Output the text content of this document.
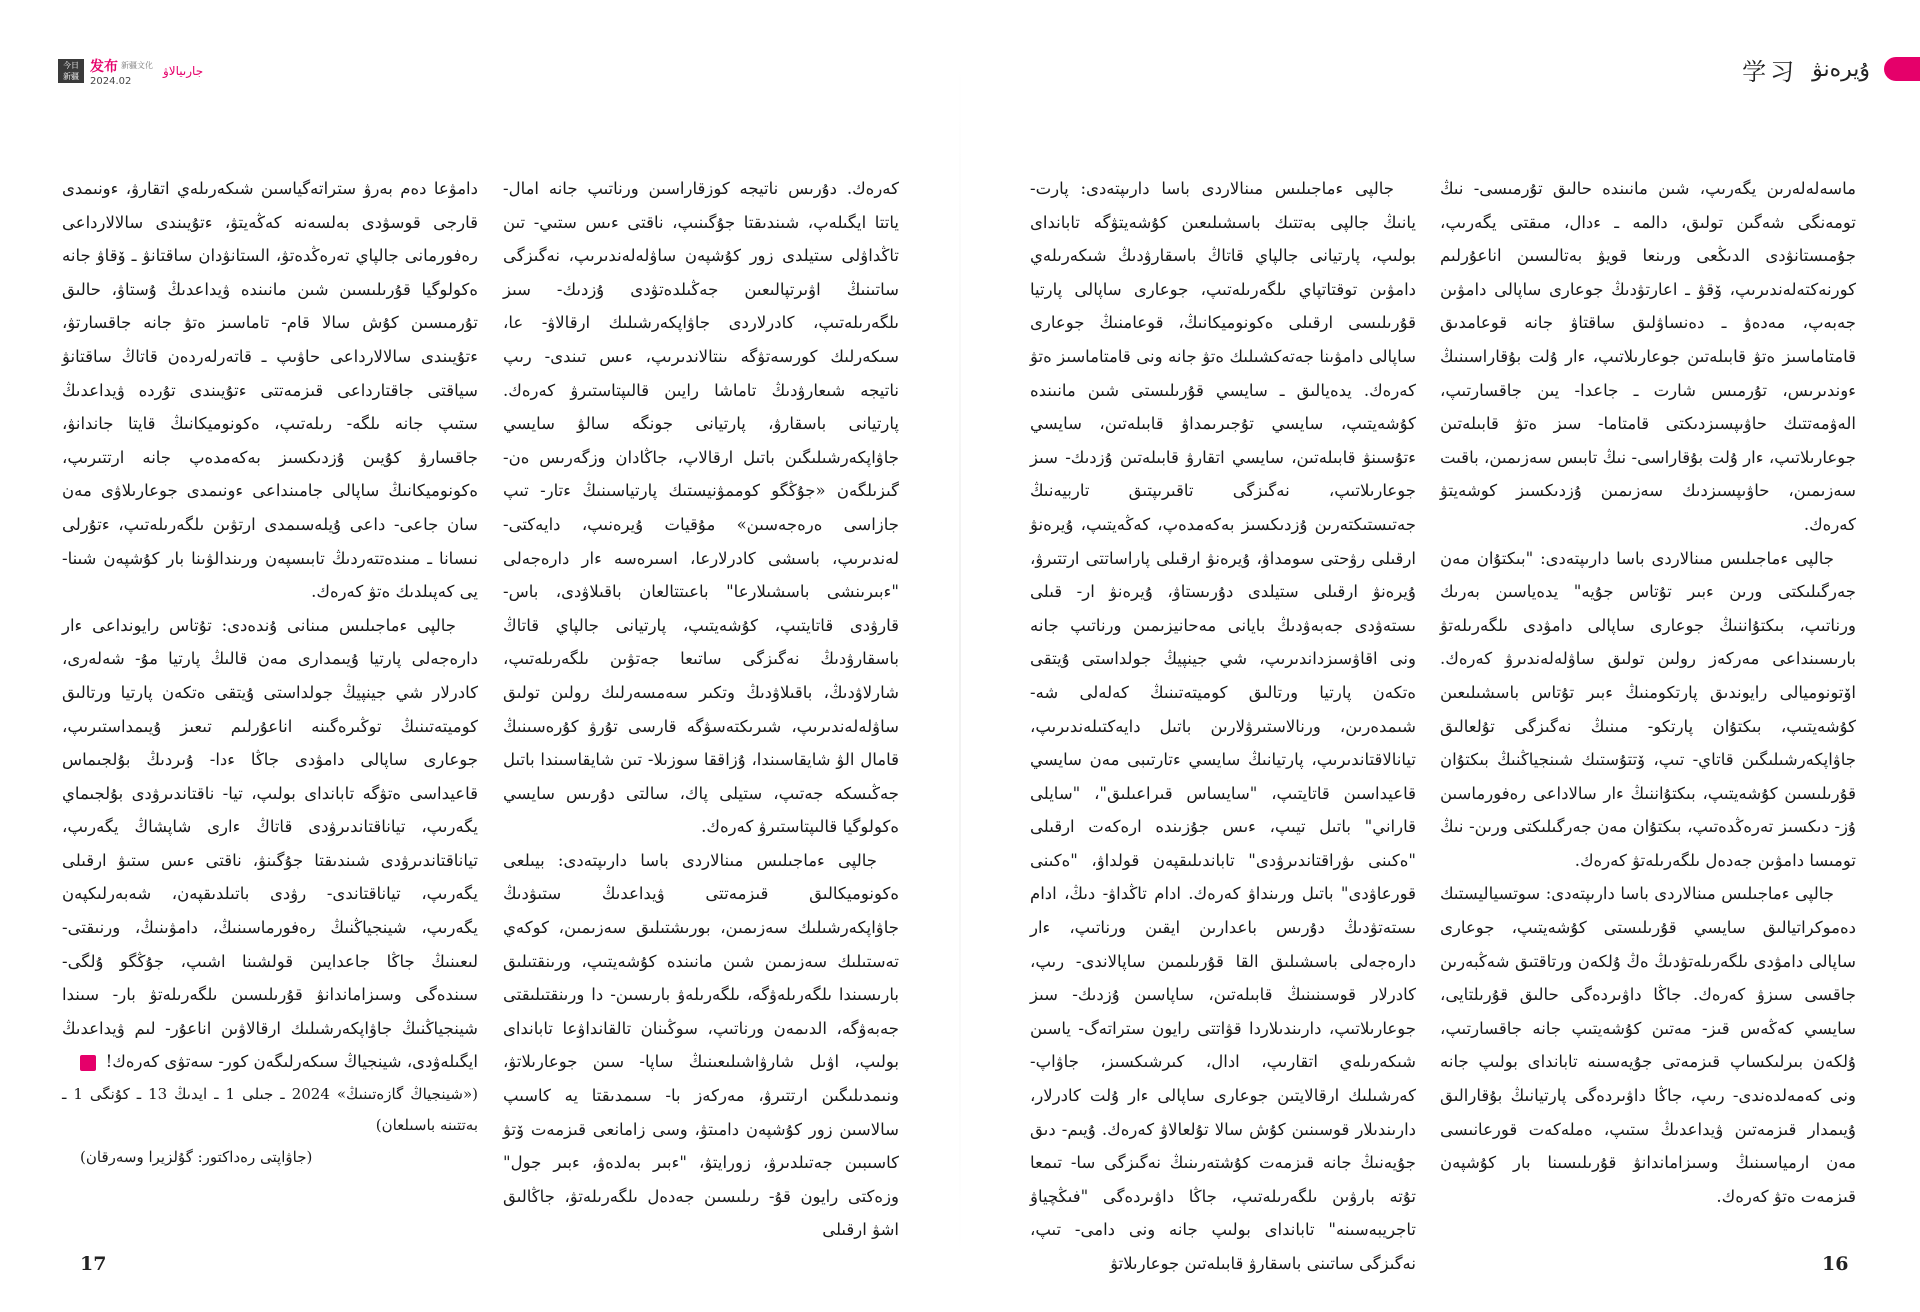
今日
新疆
发布 新疆文化
2024.02
جارىيالاۋ	学习 ۇيرەنۋ

ماسەلەلەرىن يگەرىپ، شىن مانىندە حالىق تۇرمىسى- نىڭ تومەنگى شەگىن تولىق، دالمە ـ ءدال، مىقتى يگەرىپ، جۇمىستانۋدى الدىڭعى ورىنعا قويۋ بەتالىسىن اناعۇرلىم كورنەكتەلەندىرىپ، ۆقۋ ـ اعارتۋدىڭ جوعارى ساپالى دامۋىن جەبەپ، مەدەۋ ـ دەنساۋلىق ساقتاۋ جانە قوعامدىق قامتاماسىز ەتۋ قابىلەتىن جوعارىلاتىپ، ءار ۇلت بۇقاراسىنىڭ ءوندىرىس، تۇرمىس شارت ـ جاعدا- يىن جاقسارتىپ، الەۋمەتتىك حاۋىپسىزدىكتى قامتاما- سىز ەتۋ قابىلەتىن جوعارىلاتىپ، ءار ۇلت بۇقاراسى- نىڭ تابىس سەزىمىن، باقىت سەزىمىن، حاۋىپسىزدىك سەزىمىن ۇزدىكسىز كوشەيتۋ كەرەك.

جالپى ءماجىلىس مىنالاردى باسا دارىپتەدى: "بىكتۇان مەن جەرگىلىكتى ورىن ءبىر تۇتاس جۇيە" يدەياسىن بەرىك ورناتىپ، بىكتۇاننىڭ جوعارى ساپالى دامۋدى ىلگەرىلەتۋ بارىسىنداعى مەركەز رولىن تولىق ساۋلەلەندىرۋ كەرەك. اۆتونوميالى رايوندىق پارتكومنىڭ ءبىر تۇتاس باسشىلىعىن كۇشەيتىپ، بىكتۇان پارتكو- مىنىڭ نەگىزگى تۇلعالىق جاۋاپكەرشىلىگىن قاتاي- تىپ، ۆتتۇستىك شىنجياڭنىڭ بىكتۇان قۇرىلىسىن كۇشەيتىپ، بىكتۇاننىڭ ءار سالاداعى رەفورماسىن ۇز- دىكسىز تەرەڭدەتىپ، بىكتۇان مەن جەرگىلىكتى ورىن- نىڭ تومىسا دامۋىن جەدەل ىلگەرىلەتۋ كەرەك.

جالپى ءماجىلىس مىنالاردى باسا دارىپتەدى: سوتسياليستىك دەموكراتيالىق سايسي قۇرىلىستى كۇشەيتىپ، جوعارى ساپالى دامۋدى ىلگەرىلەتۋدىڭ ەڭ ۇلكەن ورتاقتىق شەڭبەرىن جاقسى سىزۋ كەرەك. جاڭا داۋىردەگى حالىق قۇرىلتايى، سايسي كەڭەس قىز- مەتىن كۇشەيتىپ جانە جاقسارتىپ، ۇلكەن بىرلىكساپ قىزمەتى جۇيەسىنە تابانداى بولىپ جانە ونى كەمەلدەندى- رىپ، جاڭا داۋىردەگى پارتيانىڭ بۇقارالىق ۇيىمدار قىزمەتىن ۋيداعدىڭ ستىپ، ەملەكەت قورعانىسى مەن ارمياسىنىڭ وسىزاماندانۋ قۇرىلىسىنا بار كۇشپەن قىزمەت ەتۋ كەرەك.

جالپى ءماجىلىس مىنالاردى باسا دارىپتەدى: پارت- يانىڭ جالپى بەتتىك باسشىلىعىن كۇشەيتۋگە تابانداى بولىپ، پارتيانى جالپاي قاتاڭ باسقارۋدىڭ شىكەرىلەي دامۋىن توقتاتپاي ىلگەرىلەتىپ، جوعارى ساپالى پارتيا قۇرىلىسى ارقىلى ەكونوميكانىڭ، قوعامنىڭ جوعارى ساپالى دامۋىنا جەتەكشىلىك ەتۋ جانە ونى قامتاماسىز ەتۋ كەرەك. يدەيالىق ـ سايسي قۇرىلىستى شىن مانىندە كۇشەيتىپ، سايسي تۇجىرىمداۋ قابىلەتىن، سايسي ءتۇسىنۋ قابىلەتىن، سايسي اتقارۋ قابىلەتىن ۇزدىك- سىز جوعارىلاتىپ، نەگىزگى تاقىرىپتىق تاربيەنىڭ جەتىستىكتەرىن ۇزدىكسىز بەكەمدەپ، كەڭەيتىپ، ۇيرەنۋ ارقىلى رۋحتى سومداۋ، ۇيرەنۋ ارقىلى پاراساتتى ارتتىرۋ، ۇيرەنۋ ارقىلى ستيلدى دۇرىستاۋ، ۇيرەنۋ ار- قىلى ىستەۋدى جەبەۋدىڭ بايانى مەحانيزىمىن ورناتىپ جانە ونى اقاۋسىزداندىرىپ، شي جينپيڭ جولداستى ۇيتقى ەتكەن پارتيا ورتالىق كوميتەتىنىڭ كەلەلى شە- شىمدەرىن، ورنالاستىرۋلارىن باتىل دايەكتىلەندىرىپ، تيانالاقتاندىرىپ، پارتيانىڭ سايسي ءتارتىبى مەن سايسي قاعيداسىن قاتايتىپ، "سايساس قىراعىلىق"، "سايلى قاراني" باتىل تيىپ، ءىس جۇزىندە ارەكەت ارقىلى "ەكىنى ىۋراقتاندىرۋدى" تاباندىلىقپەن قولداۋ، "ەكىنى قورعاۋدى" باتىل ورىنداۋ كەرەك. ادام تاڭداۋ- دىڭ، ادام ىستەتۋدىڭ دۇرىس باعدارىن ايقىن ورناتىپ، ءار دارەجەلى باسشىلىق القا قۇرىلىمىن ساپالاندى- رىپ، كادرلار قوسىنىنىڭ قابىلەتىن، ساپاسىن ۇزدىك- سىز جوعارىلاتىپ، دارىندىلاردا قۋاتتى رايون ستراتەگ- ياسىن شىكەرىلەي اتقارىپ، ادال، كىرشىكسىز، جاۋاپ- كەرشىلىك ارقالايتىن جوعارى ساپالى ءار ۇلت كادرلار، دارىندىلار قوسىنىن كۇش سالا تۇلعالاۋ كەرەك. ۇيىم- دىق جۇيەنىڭ جانە قىزمەت كۇشتەرىنىڭ نەگىزگى سا- تىمعا تۇتە بارۋىن ىلگەرىلەتىپ، جاڭا داۋىردەگى "فىڭچياۋ تاجريبەسىنە" تابانداى بولىپ جانە ونى دامى- تىپ، نەگىزگى ساتىنى باسقارۋ قابىلەتىن جوعارىلاتۋ

كەرەك. دۇرىس ناتيجە كوزقاراسىن ورناتىپ جانە امال- ياتتا ايگىلەپ، شىندىقتا جۇگىنىپ، ناقتى ءىس ستىي- تىن تاڭداۋلى ستيلدى زور كۇشپەن ساۋلەلەندىرىپ، نەگىزگى ساتىنىڭ اۋىرتپالىعىن جەڭىلدەتۋدى ۇزدىك- سىز ىلگەرىلەتىپ، كادرلاردى جاۋاپكەرشىلىك ارقالاۋ- عا، سىكەرلىك كورسەتۋگە ىنتالاندىرىپ، ءىس تىندى- رىپ ناتيجە شىعارۋدىڭ تاماشا رايىن قالىپتاستىرۋ كەرەك. پارتيانى باسقارۋ، پارتيانى جونگە سالۋ سايسي جاۋاپكەرشىلىگىن باتىل ارقالاپ، جاڭادان وزگەرىس ەن- گىزىلگەن «جۇڭگو كوممۋنيستىك پارتياسىنىڭ ءتار- تىپ جازاسى ەرەجەسىن» مۇقيات ۇيرەنىپ، دايەكتى- لەندىرىپ، باسشى كادرلارعا، اسىرەسە ءار دارەجەلى "ءبىرىنشى باسشىلارعا" باعىتتالعان باقىلاۋدى، باس- قارۋدى قاتايتىپ، كۇشەيتىپ، پارتيانى جالپاي قاتاڭ باسقارۋدىڭ نەگىزگى ساتىعا جەتۋىن ىلگەرىلەتىپ، شارلاۋدىڭ، باقىلاۋدىڭ وتكىر سەمسەرلىك رولىن تولىق ساۋلەلەندىرىپ، شىرىكتەسۋگە قارسى تۇرۋ كۇرەسىنىڭ قامال الۋ شايقاسىندا، ۇزاققا سوزىلا- تىن شايقاسىندا باتىل جەڭىسكە جەتىپ، ستيلى پاك، سالتى دۇرىس سايسي ەكولوگيا قالىپتاستىرۋ كەرەك.

جالپى ءماجىلىس مىنالاردى باسا دارىپتەدى: بيىلعى ەكونوميكالىق قىزمەتتى ۋيداعدىڭ ستىۋدىڭ جاۋاپكەرشىلىك سەزىمىن، بورىشتىلىق سەزىمىن، كوكەي تەستىلىك سەزىمىن شىن مانىندە كۇشەيتىپ، ورىنقتىلىق بارىسىندا ىلگەرىلەۋگە، ىلگەرىلەۋ بارىسىن- دا ورىنقتىلىقتى جەبەۋگە، الدىمەن ورناتىپ، سوڭىنان تالقانداۋعا تابانداى بولىپ، اۋىل شارۋاشىلىعىنىڭ ساپا- سىن جوعارىلاتۋ، ونىمدىلىگىن ارتتىرۋ، مەركەز با- سىمدىقتا يە كاسىپ سالاسىن زور كۇشپەن دامىتۋ، وسى زامانعى قىزمەت ۆتۋ كاسىبىن جەتىلدىرۋ، زورايتۋ، "ءبىر بەلدەۋ، ءبىر جول" وزەكتى رايون قۇ- رىلىسىن جەدەل ىلگەرىلەتۋ، جاڭالىق اشۋ ارقىلى

دامۋعا دەم بەرۋ ستراتەگياسىن شىكەرىلەي اتقارۋ، ءونىمدى قارجى قوسۋدى بەلسەنە كەڭەيتۋ، ءتۇيىندى سالالارداعى رەفورمانى جالپاي تەرەڭدەتۋ، الستانۋدان ساقتانۋ ـ ۆقاۋ جانە ەكولوگيا قۇرىلىسىن شىن مانىندە ۋيداعدىڭ ۇستاۋ، حالىق تۇرمىسىن كۇش سالا قام- تاماسىز ەتۋ جانە جاقسارتۋ، ءتۇيىندى سالالارداعى حاۋىپ ـ قاتەرلەردەن قاتاڭ ساقتانۋ سياقتى جاقتارداعى قىزمەتتى ءتۇيىندى تۇردە ۋيداعدىڭ ستىپ جانە ىلگە- رىلەتىپ، ەكونوميكانىڭ قايتا جاندانۋ، جاقسارۋ كۇيىن ۇزدىكسىز بەكەمدەپ جانە ارتتىرىپ، ەكونوميكانىڭ ساپالى جامىنداعى ءونىمدى جوعارىلاۋى مەن سان جاعى- داعى ۇيلەسىمدى ارتۋىن ىلگەرىلەتىپ، ءتۇرلى نىسانا ـ مىندەتتەردىڭ تابىسپەن ورىندالۋىنا بار كۇشپەن شىنا- يى كەپىلدىك ەتۋ كەرەك.

جالپى ءماجىلىس مىنانى ۇندەدى: تۇتاس رايونداعى ءار دارەجەلى پارتيا ۇيىمدارى مەن قالىڭ پارتيا مۇ- شەلەرى، كادرلار شي جينپيڭ جولداستى ۇيتقى ەتكەن پارتيا ورتالىق كوميتەتىنىڭ توڭىرەگىنە اناعۇرلىم تىعىز ۇيىمداستىرىپ، جوعارى ساپالى دامۋدى جاڭا ءدا- ۇىردىڭ بۇلجىماس قاعيداسى ەتۋگە تابانداى بولىپ، تيا- ناقتاندىرۋدى بۇلجىماي يگەرىپ، تياناقتاندىرۋدى قاتاڭ ءارى شاپشاڭ يگەرىپ، تياناقتاندىرۋدى شىندىقتا جۇگىنۋ، ناقتى ءىس ستىۋ ارقىلى يگەرىپ، تياناقتاندى- رۋدى باتىلدىقپەن، شەبەرلىكپەن يگەرىپ، شينجياڭنىڭ رەفورماسىنىڭ، دامۋىنىڭ، ورنىقتى- لىعىنىڭ جاڭا جاعدايىن قولشىنا اشىپ، جۇڭگو ۇلگى- سىندەگى وسىزاماندانۋ قۇرىلىسىن ىلگەرىلەتۋ بار- سىندا شينجياڭنىڭ جاۋاپكەرشىلىك ارقالاۋىن اناعۇر- لىم ۋيداعدىڭ ايگىلەۋدى، شينجياڭ سىكەرلىگەن كور- سەتۋى كەرەك! ل

(«شينجياڭ گازەتىنىڭ» 2024 ـ جىلى 1 ـ ايدىڭ 13 ـ كۇنگى 1 ـ بەتتىنە باسىلعان)

(جاۋاپتى رەداكتور: گۇلزيرا وسەرقان)

17	16
